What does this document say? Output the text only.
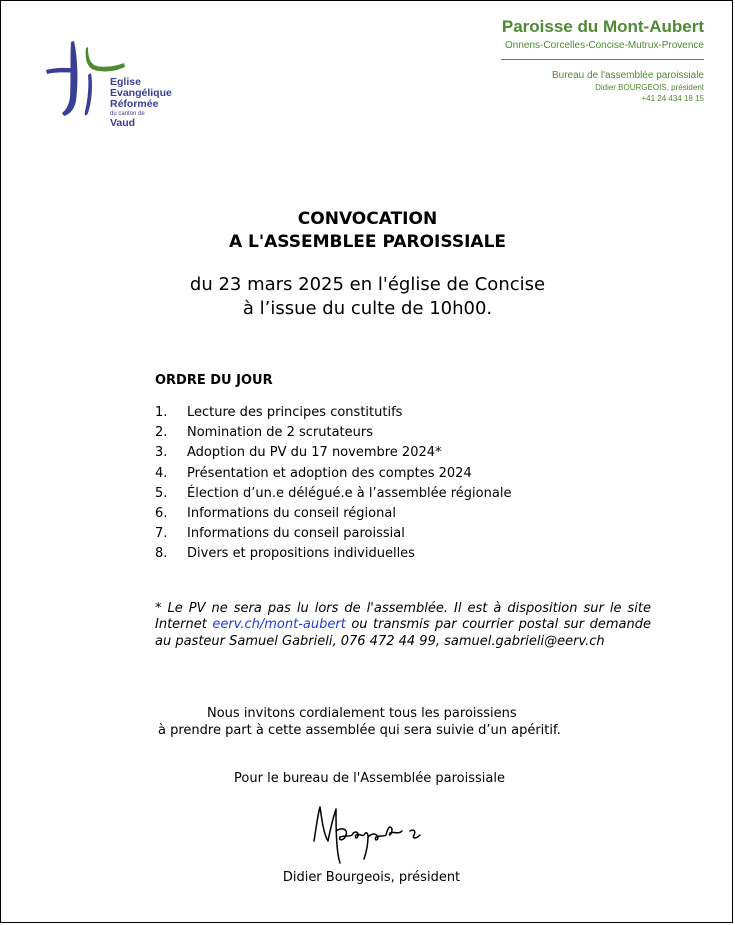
Eglise
Evangélique
Réformée
du canton de
Vaud
Paroisse du Mont-Aubert
Onnens-Corcelles-Concise-Mutrux-Provence
Bureau de l'assemblée paroissiale
Didier BOURGEOIS, président
+41 24 434 18 15
CONVOCATION
A L'ASSEMBLEE PAROISSIALE
du 23 mars 2025 en l'église de Concise
à l’issue du culte de 10h00.
ORDRE DU JOUR
1. Lecture des principes constitutifs
2. Nomination de 2 scrutateurs
3. Adoption du PV du 17 novembre 2024*
4. Présentation et adoption des comptes 2024
5. Élection d’un.e délégué.e à l’assemblée régionale
6. Informations du conseil régional
7. Informations du conseil paroissial
8. Divers et propositions individuelles
* Le PV ne sera pas lu lors de l'assemblée. Il est à disposition sur le site Internet eerv.ch/mont-aubert ou transmis par courrier postal sur demande au pasteur Samuel Gabrieli, 076 472 44 99, samuel.gabrieli@eerv.ch
Nous invitons cordialement tous les paroissiens
à prendre part à cette assemblée qui sera suivie d’un apéritif.
Pour le bureau de l'Assemblée paroissiale
Didier Bourgeois, président
